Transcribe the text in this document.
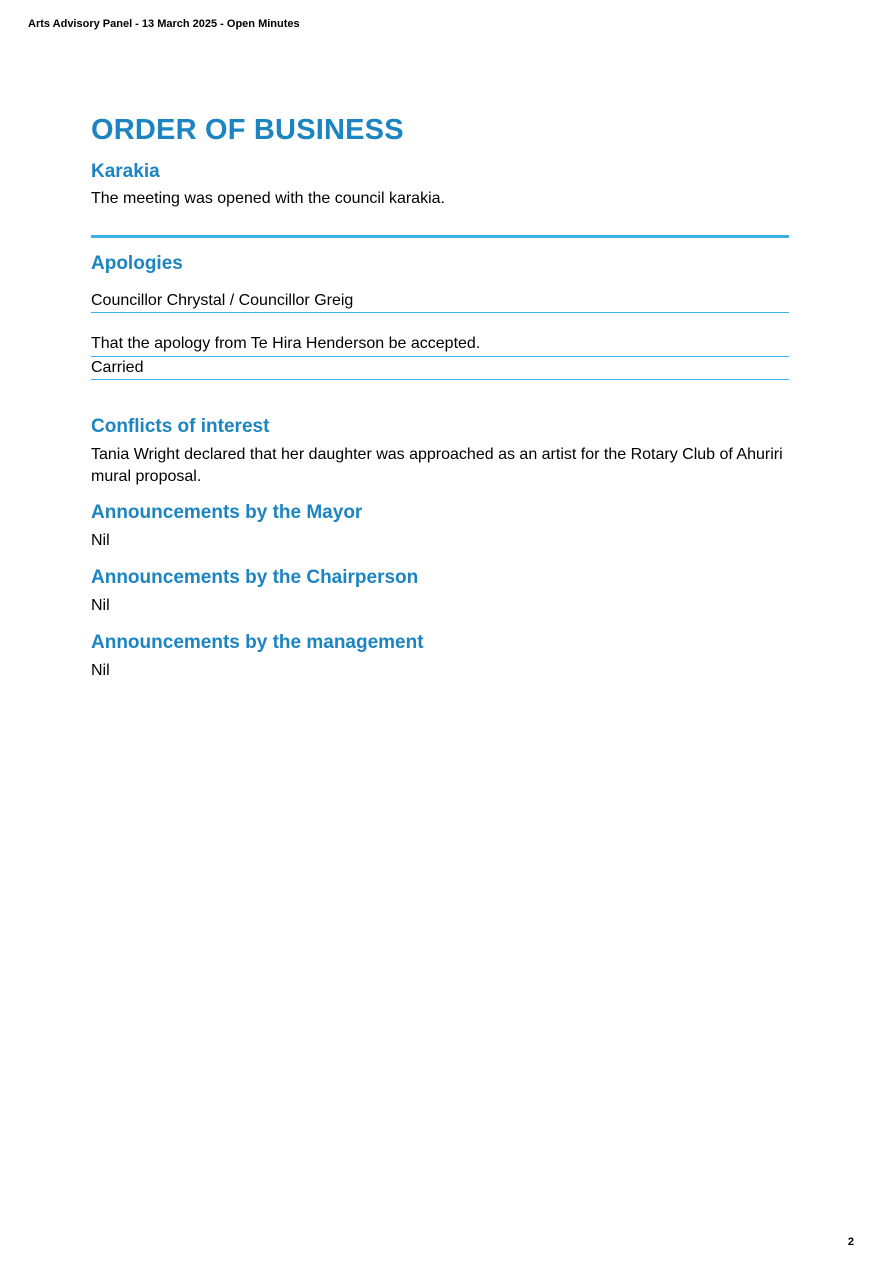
Arts Advisory Panel - 13 March 2025 - Open Minutes
ORDER OF BUSINESS
Karakia

The meeting was opened with the council karakia.

Apologies

Councillor Chrystal / Councillor Greig

That the apology from Te Hira Henderson be accepted.

Carried

Conflicts of interest

Tania Wright declared that her daughter was approached as an artist for the Rotary Club of Ahuriri mural proposal.

Announcements by the Mayor

Nil

Announcements by the Chairperson

Nil

Announcements by the management

Nil

2
